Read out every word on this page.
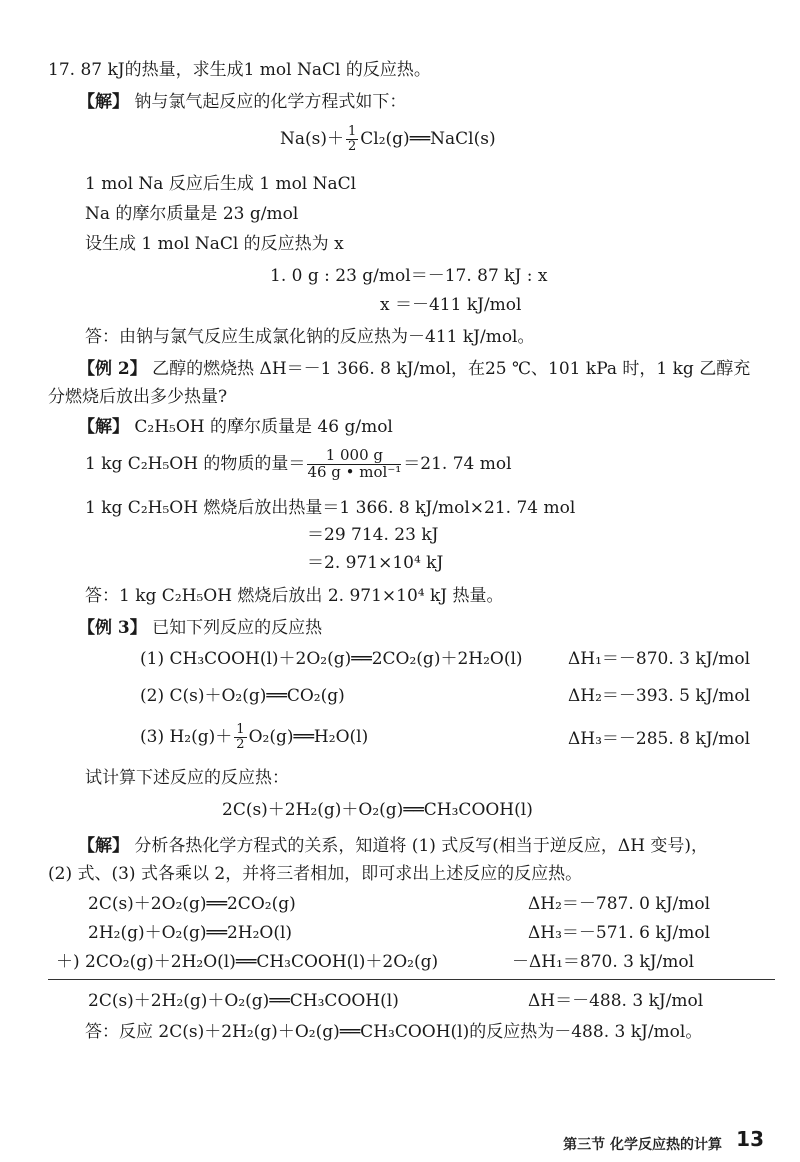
17. 87 kJ的热量，求生成1 mol NaCl 的反应热。
【解】 钠与氯气起反应的化学方程式如下：
$Na(s)+ \frac{1}{2}$ Cl₂(g)══NaCl(s)
1 mol Na 反应后生成 1 mol NaCl
Na 的摩尔质量是 23 g/mol
设生成 1 mol NaCl 的反应热为 x
1. 0 g : 23 g/mol＝－17. 87 kJ : x
x ＝－411 kJ/mol
答：由钠与氯气反应生成氯化钠的反应热为－411 kJ/mol。
【例 2】 乙醇的燃烧热 ΔH＝－1 366. 8 kJ/mol，在25 ℃、101 kPa 时，1 kg 乙醇充
分燃烧后放出多少热量?
【解】 C₂H₅OH 的摩尔质量是 46 g/mol
1 kg C₂H₅OH 的物质的量＝ $\frac{1 000 g}{\text{46 g • mol⁻¹}} =21$. 74 mol
1 kg C₂H₅OH 燃烧后放出热量＝1 366. 8 kJ/mol×21. 74 mol
＝29 714. 23 kJ
＝2. 971×10⁴ kJ
答：1 kg C₂H₅OH 燃烧后放出 2. 971×10⁴ kJ 热量。
【例 3】 已知下列反应的反应热
(1) CH₃COOH(l)＋2O₂(g)══2CO₂(g)＋2H₂O(l)	ΔH₁＝－870. 3 kJ/mol
(2) C(s)＋O₂(g)══CO₂(g)	ΔH₂＝－393. 5 kJ/mol
(3) $H_2(g)+ \frac{1}{2}$ O₂(g)══H₂O(l)	ΔH₃＝－285. 8 kJ/mol
试计算下述反应的反应热：
2C(s)＋2H₂(g)＋O₂(g)══CH₃COOH(l)
【解】 分析各热化学方程式的关系，知道将 (1) 式反写(相当于逆反应，ΔH 变号)，
(2) 式、(3) 式各乘以 2，并将三者相加，即可求出上述反应的反应热。
2C(s)＋2O₂(g)══2CO₂(g)	ΔH₂＝－787. 0 kJ/mol
2H₂(g)＋O₂(g)══2H₂O(l)	ΔH₃＝－571. 6 kJ/mol
＋) 2CO₂(g)＋2H₂O(l)══CH₃COOH(l)＋2O₂(g)	－ΔH₁＝870. 3 kJ/mol
2C(s)＋2H₂(g)＋O₂(g)══CH₃COOH(l)	ΔH＝－488. 3 kJ/mol
答：反应 2C(s)＋2H₂(g)＋O₂(g)══CH₃COOH(l)的反应热为－488. 3 kJ/mol。
第三节 化学反应热的计算 13
